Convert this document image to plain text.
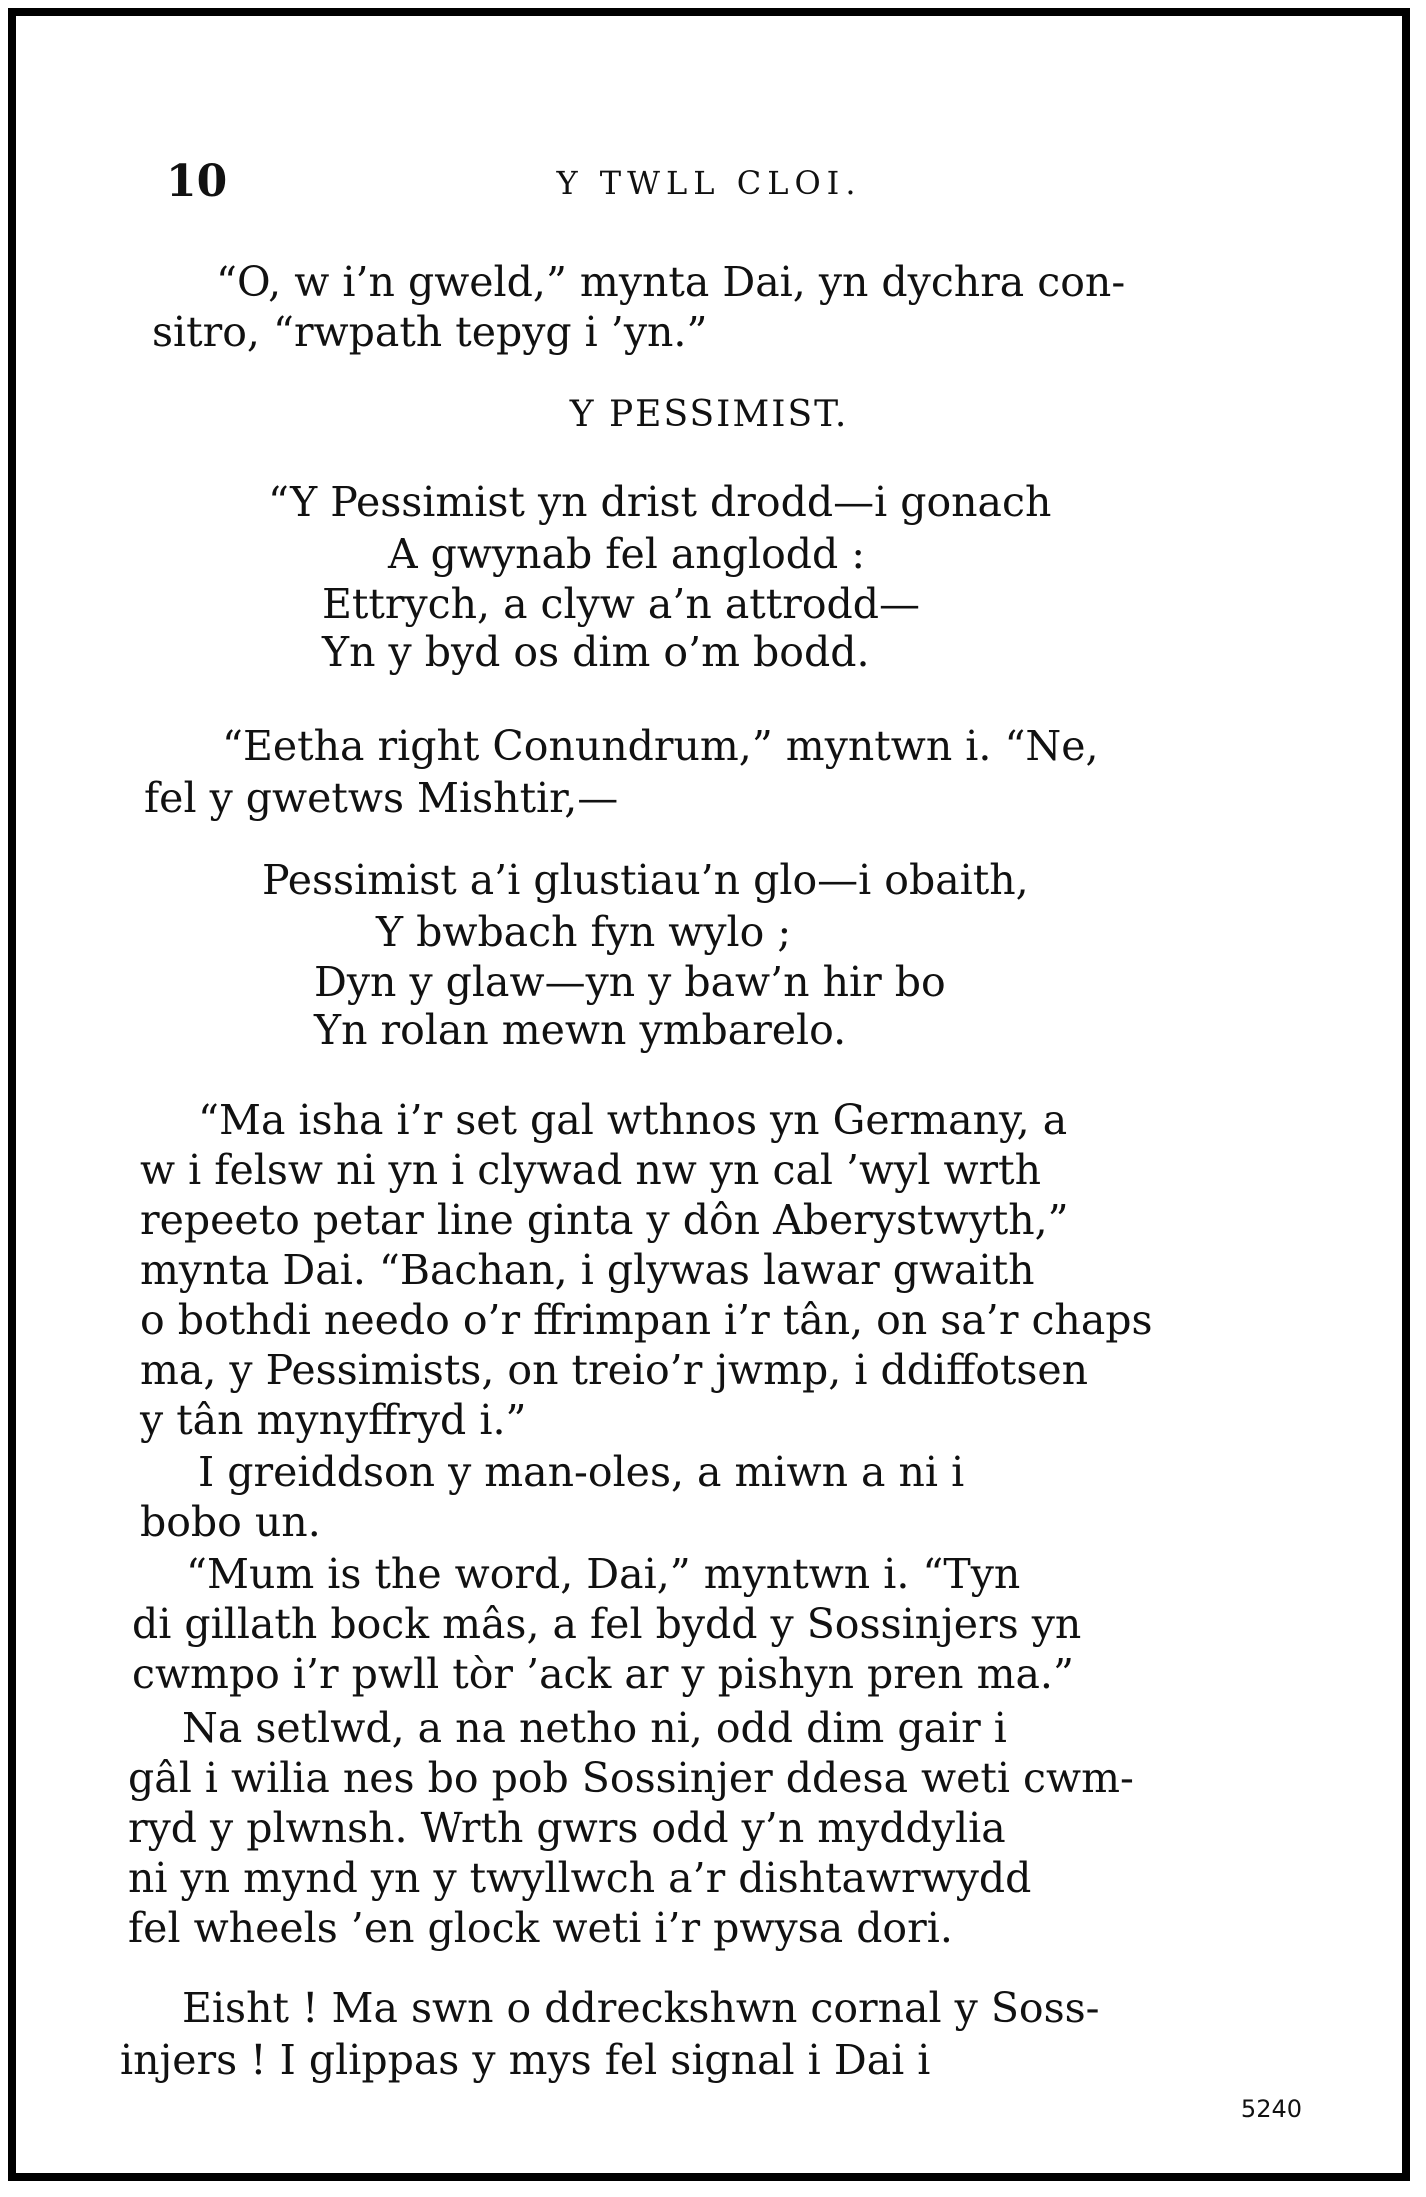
10	Y TWLL CLOI.
“O, w i’n gweld,” mynta Dai, yn dychra con-
sitro, “rwpath tepyg i ’yn.”
Y PESSIMIST.
“Y Pessimist yn drist drodd—i gonach
A gwynab fel anglodd :
Ettrych, a clyw a’n attrodd—
Yn y byd os dim o’m bodd.
“Eetha right Conundrum,” myntwn i. “Ne,
fel y gwetws Mishtir,—
Pessimist a’i glustiau’n glo—i obaith,
Y bwbach fyn wylo ;
Dyn y glaw—yn y baw’n hir bo
Yn rolan mewn ymbarelo.
“Ma isha i’r set gal wthnos yn Germany, a
w i felsw ni yn i clywad nw yn cal ’wyl wrth
repeeto petar line ginta y dôn Aberystwyth,”
mynta Dai. “Bachan, i glywas lawar gwaith
o bothdi needo o’r ffrimpan i’r tân, on sa’r chaps
ma, y Pessimists, on treio’r jwmp, i ddiffotsen
y tân mynyffryd i.”
I greiddson y man-oles, a miwn a ni i
bobo un.
“Mum is the word, Dai,” myntwn i. “Tyn
di gillath bock mâs, a fel bydd y Sossinjers yn
cwmpo i’r pwll tòr ’ack ar y pishyn pren ma.”
Na setlwd, a na netho ni, odd dim gair i
gâl i wilia nes bo pob Sossinjer ddesa weti cwm-
ryd y plwnsh. Wrth gwrs odd y’n myddylia
ni yn mynd yn y twyllwch a’r dishtawrwydd
fel wheels ’en glock weti i’r pwysa dori.
Eisht ! Ma swn o ddreckshwn cornal y Soss-
injers ! I glippas y mys fel signal i Dai i
5240
